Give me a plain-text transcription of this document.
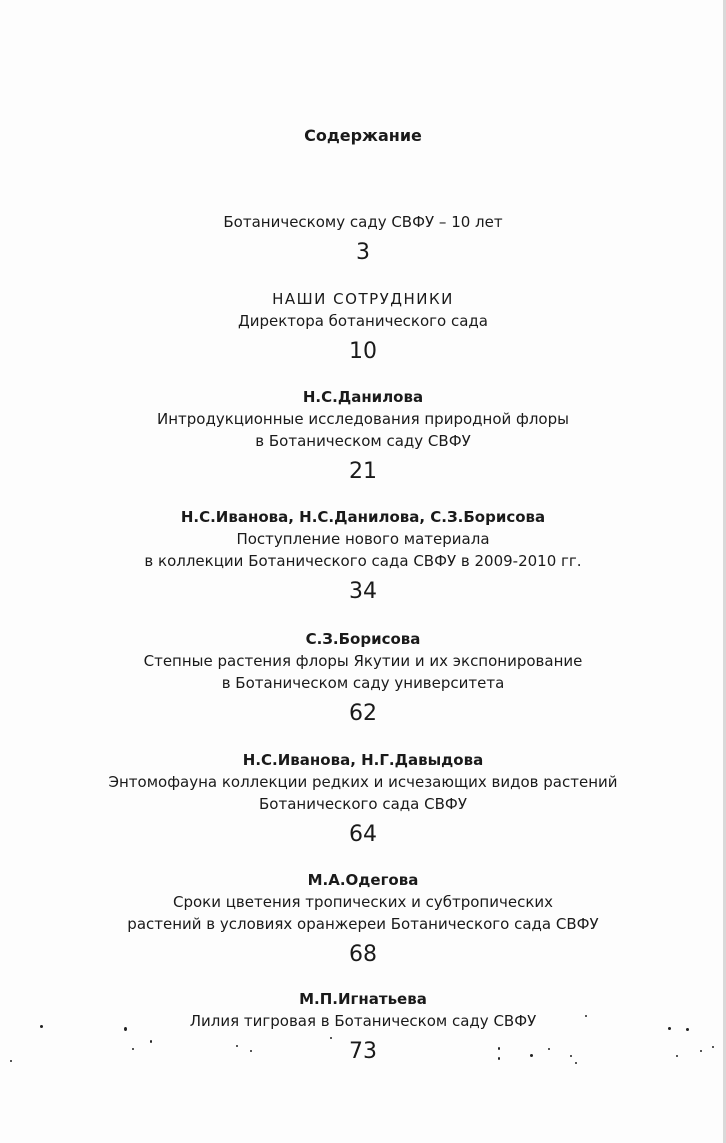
Содержание
Ботаническому саду СВФУ – 10 лет
3
НАШИ СОТРУДНИКИ
Директора ботанического сада
10
Н.С.Данилова
Интродукционные исследования природной флоры
в Ботаническом саду СВФУ
21
Н.С.Иванова, Н.С.Данилова, С.З.Борисова
Поступление нового материала
в коллекции Ботанического сада СВФУ в 2009-2010 гг.
34
С.З.Борисова
Степные растения флоры Якутии и их экспонирование
в Ботаническом саду университета
62
Н.С.Иванова, Н.Г.Давыдова
Энтомофауна коллекции редких и исчезающих видов растений
Ботанического сада СВФУ
64
М.А.Одегова
Сроки цветения тропических и субтропических
растений в условиях оранжереи Ботанического сада СВФУ
68
М.П.Игнатьева
Лилия тигровая в Ботаническом саду СВФУ
73
